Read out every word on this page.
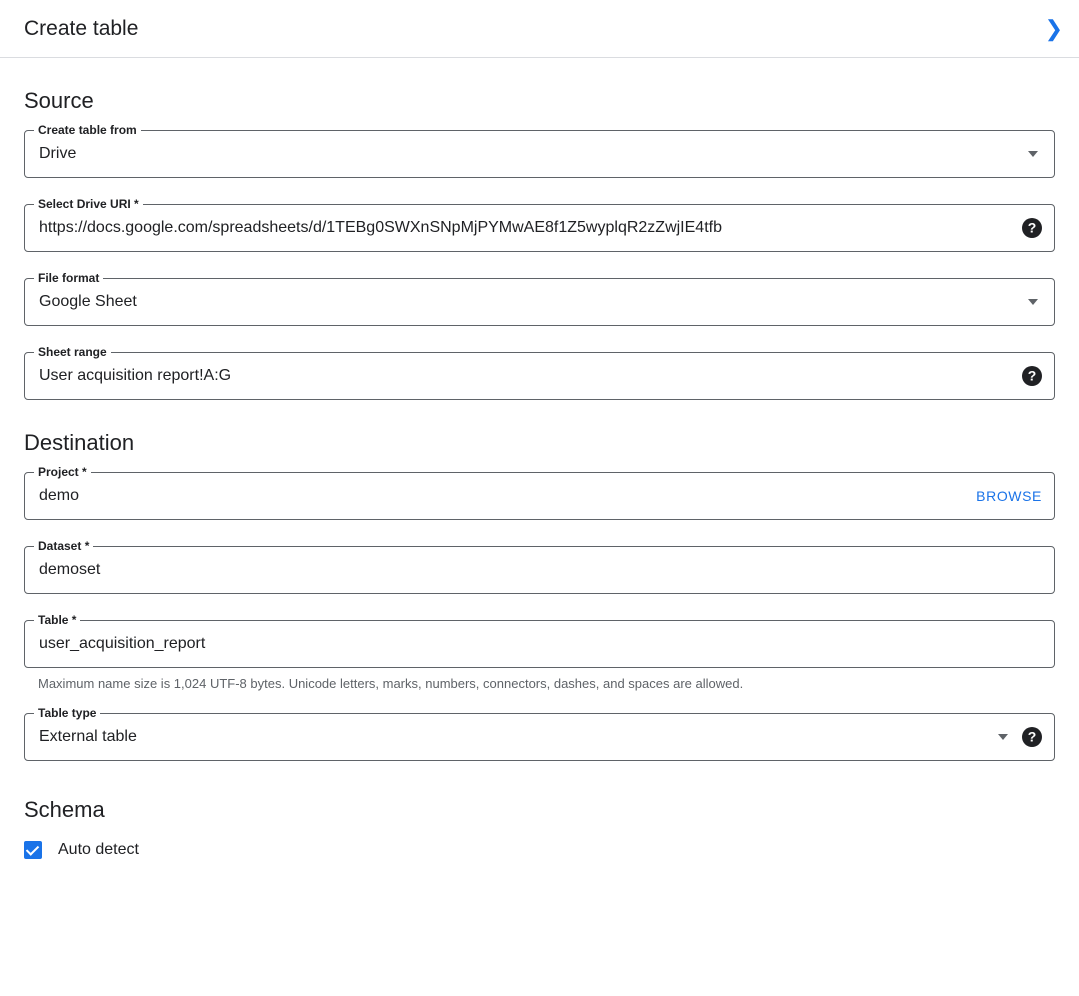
Create table	❯
Source
Create table from
Drive
Select Drive URI *
https://docs.google.com/spreadsheets/d/1TEBg0SWXnSNpMjPYMwAE8f1Z5wyplqR2zZwjIE4tfb	?
File format
Google Sheet
Sheet range
User acquisition report!A:G	?
Destination
Project *
demo	BROWSE
Dataset *
demoset
Table *
user_acquisition_report
Maximum name size is 1,024 UTF-8 bytes. Unicode letters, marks, numbers, connectors, dashes, and spaces are allowed.
Table type
External table	?
Schema
Auto detect
